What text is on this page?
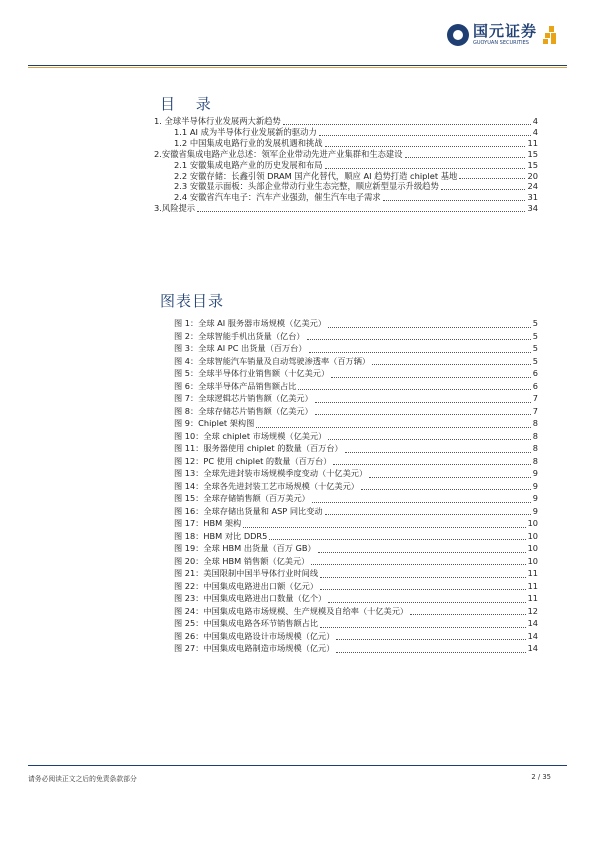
国元证券
GUOYUAN SECURITIES
目 录
1. 全球半导体行业发展两大新趋势	4
1.1 AI 成为半导体行业发展新的驱动力	4
1.2 中国集成电路行业的发展机遇和挑战	11
2.安徽省集成电路产业总述：领军企业带动先进产业集群和生态建设	15
2.1 安徽集成电路产业的历史发展和布局	15
2.2 安徽存储：长鑫引领 DRAM 国产化替代，顺应 AI 趋势打造 chiplet 基地	20
2.3 安徽显示面板：头部企业带动行业生态完整，顺应新型显示升级趋势	24
2.4 安徽省汽车电子：汽车产业强劲，催生汽车电子需求	31
3.风险提示	34
图表目录
图 1：全球 AI 服务器市场规模（亿美元）	5
图 2：全球智能手机出货量（亿台）	5
图 3：全球 AI PC 出货量（百万台）	5
图 4：全球智能汽车销量及自动驾驶渗透率（百万辆）	5
图 5：全球半导体行业销售额（十亿美元）	6
图 6：全球半导体产品销售额占比	6
图 7：全球逻辑芯片销售额（亿美元）	7
图 8：全球存储芯片销售额（亿美元）	7
图 9：Chiplet 架构图	8
图 10：全球 chiplet 市场规模（亿美元）	8
图 11：服务器使用 chiplet 的数量（百万台）	8
图 12：PC 使用 chiplet 的数量（百万台）	8
图 13：全球先进封装市场规模季度变动（十亿美元）	9
图 14：全球各先进封装工艺市场规模（十亿美元）	9
图 15：全球存储销售额（百万美元）	9
图 16：全球存储出货量和 ASP 同比变动	9
图 17：HBM 架构	10
图 18：HBM 对比 DDR5	10
图 19：全球 HBM 出货量（百万 GB）	10
图 20：全球 HBM 销售额（亿美元）	10
图 21：美国限制中国半导体行业时间线	11
图 22：中国集成电路进出口额（亿元）	11
图 23：中国集成电路进出口数量（亿个）	11
图 24：中国集成电路市场规模、生产规模及自给率（十亿美元）	12
图 25：中国集成电路各环节销售额占比	14
图 26：中国集成电路设计市场规模（亿元）	14
图 27：中国集成电路制造市场规模（亿元）	14
请务必阅读正文之后的免责条款部分	2 / 35
